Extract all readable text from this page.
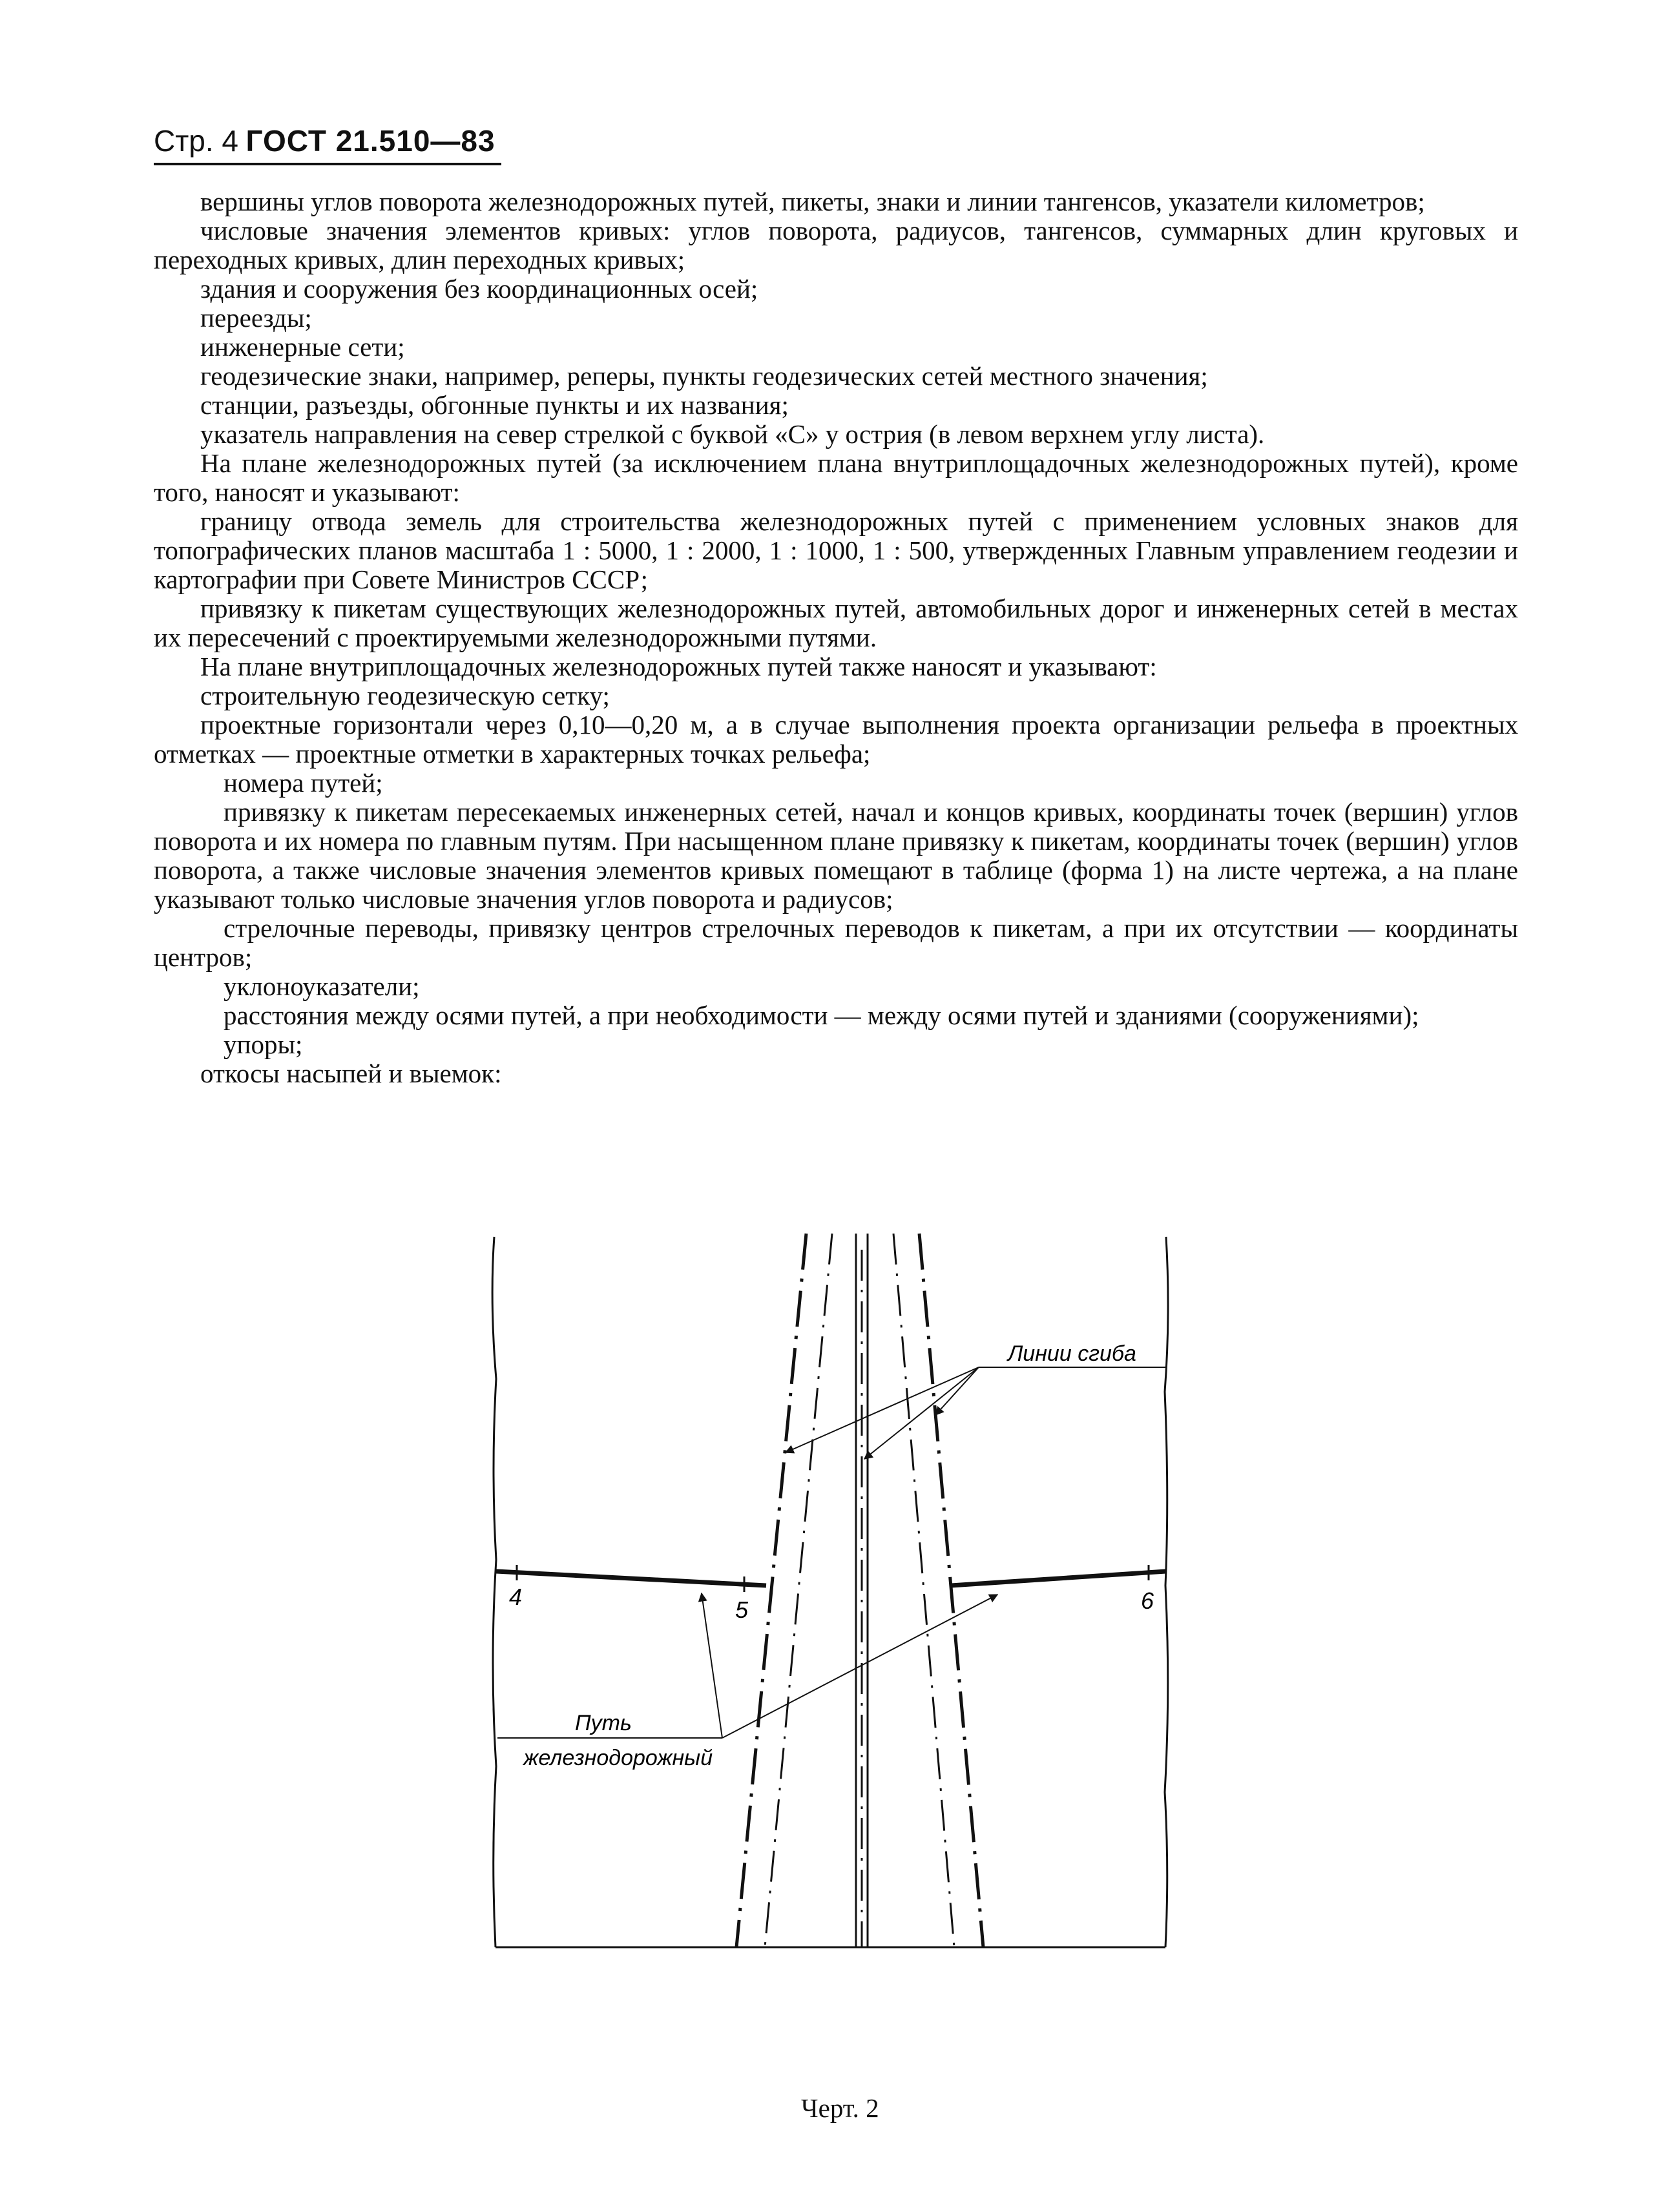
Стр. 4 ГОСТ 21.510—83

вершины углов поворота железнодорожных путей, пикеты, знаки и линии тангенсов, указатели километров;

числовые значения элементов кривых: углов поворота, радиусов, тангенсов, суммарных длин круговых и переходных кривых, длин переходных кривых;

здания и сооружения без координационных осей;

переезды;

инженерные сети;

геодезические знаки, например, реперы, пункты геодезических сетей местного значения;

станции, разъезды, обгонные пункты и их названия;

указатель направления на север стрелкой с буквой «С» у острия (в левом верхнем углу листа).

На плане железнодорожных путей (за исключением плана внутриплощадочных железнодорожных путей), кроме того, наносят и указывают:

границу отвода земель для строительства железнодорожных путей с применением условных знаков для топографических планов масштаба 1 : 5000, 1 : 2000, 1 : 1000, 1 : 500, утвержденных Главным управлением геодезии и картографии при Совете Министров СССР;

привязку к пикетам существующих железнодорожных путей, автомобильных дорог и инженерных сетей в местах их пересечений с проектируемыми железнодорожными путями.

На плане внутриплощадочных железнодорожных путей также наносят и указывают:

строительную геодезическую сетку;

проектные горизонтали через 0,10—0,20 м, а в случае выполнения проекта организации рельефа в проектных отметках — проектные отметки в характерных точках рельефа;

номера путей;

привязку к пикетам пересекаемых инженерных сетей, начал и концов кривых, координаты точек (вершин) углов поворота и их номера по главным путям. При насыщенном плане привязку к пикетам, координаты точек (вершин) углов поворота, а также числовые значения элементов кривых помещают в таблице (форма 1) на листе чертежа, а на плане указывают только числовые значения углов поворота и радиусов;

стрелочные переводы, привязку центров стрелочных переводов к пикетам, а при их отсутствии — координаты центров;

уклоноуказатели;

расстояния между осями путей, а при необходимости — между осями путей и зданиями (сооружениями);

упоры;

откосы насыпей и выемок:

4	5	6
Линии сгиба
Путь
железнодорожный
Черт. 2
